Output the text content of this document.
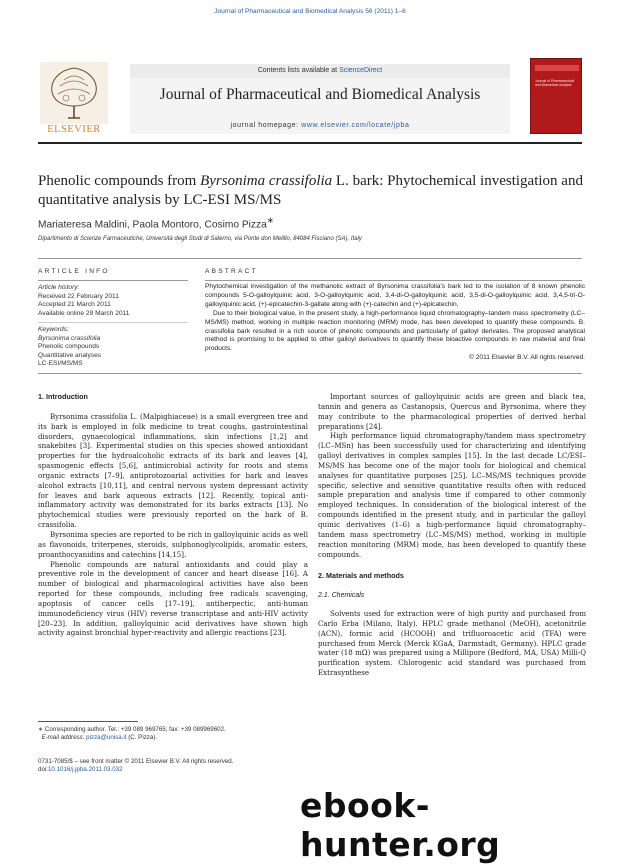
Journal of Pharmaceutical and Biomedical Analysis 56 (2011) 1–6
ELSEVIER
Contents lists available at ScienceDirect
Journal of Pharmaceutical and Biomedical Analysis
journal homepage: www.elsevier.com/locate/jpba
Journal of Pharmaceutical and Biomedical Analysis
Phenolic compounds from Byrsonima crassifolia L. bark: Phytochemical investigation and quantitative analysis by LC-ESI MS/MS
Mariateresa Maldini, Paola Montoro, Cosimo Pizza∗
Dipartimento di Scienze Farmaceutiche, Università degli Studi di Salerno, via Ponte don Melillo, 84084 Fisciano (SA), Italy
ARTICLE INFO
Article history:
Received 22 February 2011
Accepted 21 March 2011
Available online 29 March 2011
Keywords:
Byrsonima crassifolia
Phenolic compounds
Quantitative analyses
LC-ESI/MS/MS
ABSTRACT

Phytochemical investigation of the methanolic extract of Byrsonima crassifolia's bark led to the isolation of 8 known phenolic compounds 5-O-galloylquinic acid, 3-O-galloylquinic acid, 3,4-di-O-galloylquinic acid, 3,5-di-O-galloylquinic acid, 3,4,5-tri-O-galloylquinic acid, (+)-epicatechin-3-gallate along with (+)-catechin and (+)-epicatechin.

Due to their biological value, in the present study, a high-performance liquid chromatography–tandem mass spectrometry (LC–MS/MS) method, working in multiple reaction monitoring (MRM) mode, has been developed to quantify these compounds. B. crassifolia bark resulted in a rich source of phenolic compounds and particularly of galloyl derivates. The proposed analytical method is promising to be applied to other galloyl derivatives to quantify these bioactive compounds in raw material and final products.

© 2011 Elsevier B.V. All rights reserved.
1. Introduction

Byrsonima crassifolia L. (Malpighiaceae) is a small evergreen tree and its bark is employed in folk medicine to treat coughs, gastrointestinal disorders, gynaecological inflammations, skin infections [1,2] and snakebites [3]. Experimental studies on this species showed antioxidant properties for the hydroalcoholic extracts of its bark and leaves [4], spasmogenic effects [5,6], antimicrobial activity for roots and stems organic extracts [7–9], antiprotozoarial activities for bark and leaves alcohol extracts [10,11], and central nervous system depressant activity for leaves and bark aqueous extracts [12]. Recently, topical anti-inflammatory activity was demonstrated for its barks extracts [13]. No phytochemical studies were previously reported on the bark of B. crassifolia.

Byrsonima species are reported to be rich in galloylquinic acids as well as flavonoids, triterpenes, steroids, sulphonoglycolipids, aromatic esters, proanthocyanidins and catechins [14,15].

Phenolic compounds are natural antioxidants and could play a preventive role in the development of cancer and heart disease [16]. A number of biological and pharmacological activities have also been reported for these compounds, including free radicals scavenging, apoptosis of cancer cells [17–19], antiherpectic, anti-human immunodeficiency virus (HIV) reverse transcriptase and anti-HIV activity [20–23]. In addition, galloylquinic acid derivatives have shown high activity against bronchial hyper-reactivity and allergic reactions [23].

Important sources of galloylquinic acids are green and black tea, tannin and genera as Castanopsis, Quercus and Byrsonima, where they may contribute to the pharmacological properties of derived herbal preparations [24].

High performance liquid chromatography/tandem mass spectrometry (LC–MSn) has been successfully used for characterizing and identifying galloyl derivatives in complex samples [15]. In the last decade LC/ESI–MS/MS has become one of the major tools for biological and chemical analyses for quantitative purposes [25]. LC–MS/MS techniques provide specific, selective and sensitive quantitative results often with reduced sample preparation and analysis time if compared to other commonly employed techniques. In consideration of the biological interest of the compounds identified in the present study, and in particular the galloyl quinic derivatives (1–6) a high-performance liquid chromatography–tandem mass spectrometry (LC–MS/MS) method, working in multiple reaction monitoring (MRM) mode, has been developed to quantify these compounds.

2. Materials and methods
2.1. Chemicals

Solvents used for extraction were of high purity and purchased from Carlo Erba (Milano, Italy). HPLC grade methanol (MeOH), acetonitrile (ACN), formic acid (HCOOH) and trifluoroacetic acid (TFA) were purchased from Merck (Merck KGaA, Darmstadt, Germany). HPLC grade water (18 mΩ) was prepared using a Millipore (Bedford, MA, USA) Milli-Q purification system. Chlorogenic acid standard was purchased from Extrasynthese

∗ Corresponding author. Tel.: +39 089 969765; fax: +39 089969602.
E-mail address: pizza@unisa.it (C. Pizza).
0731-7085/$ – see front matter © 2011 Elsevier B.V. All rights reserved.
doi:10.1016/j.jpba.2011.03.032
ebook-hunter.org
